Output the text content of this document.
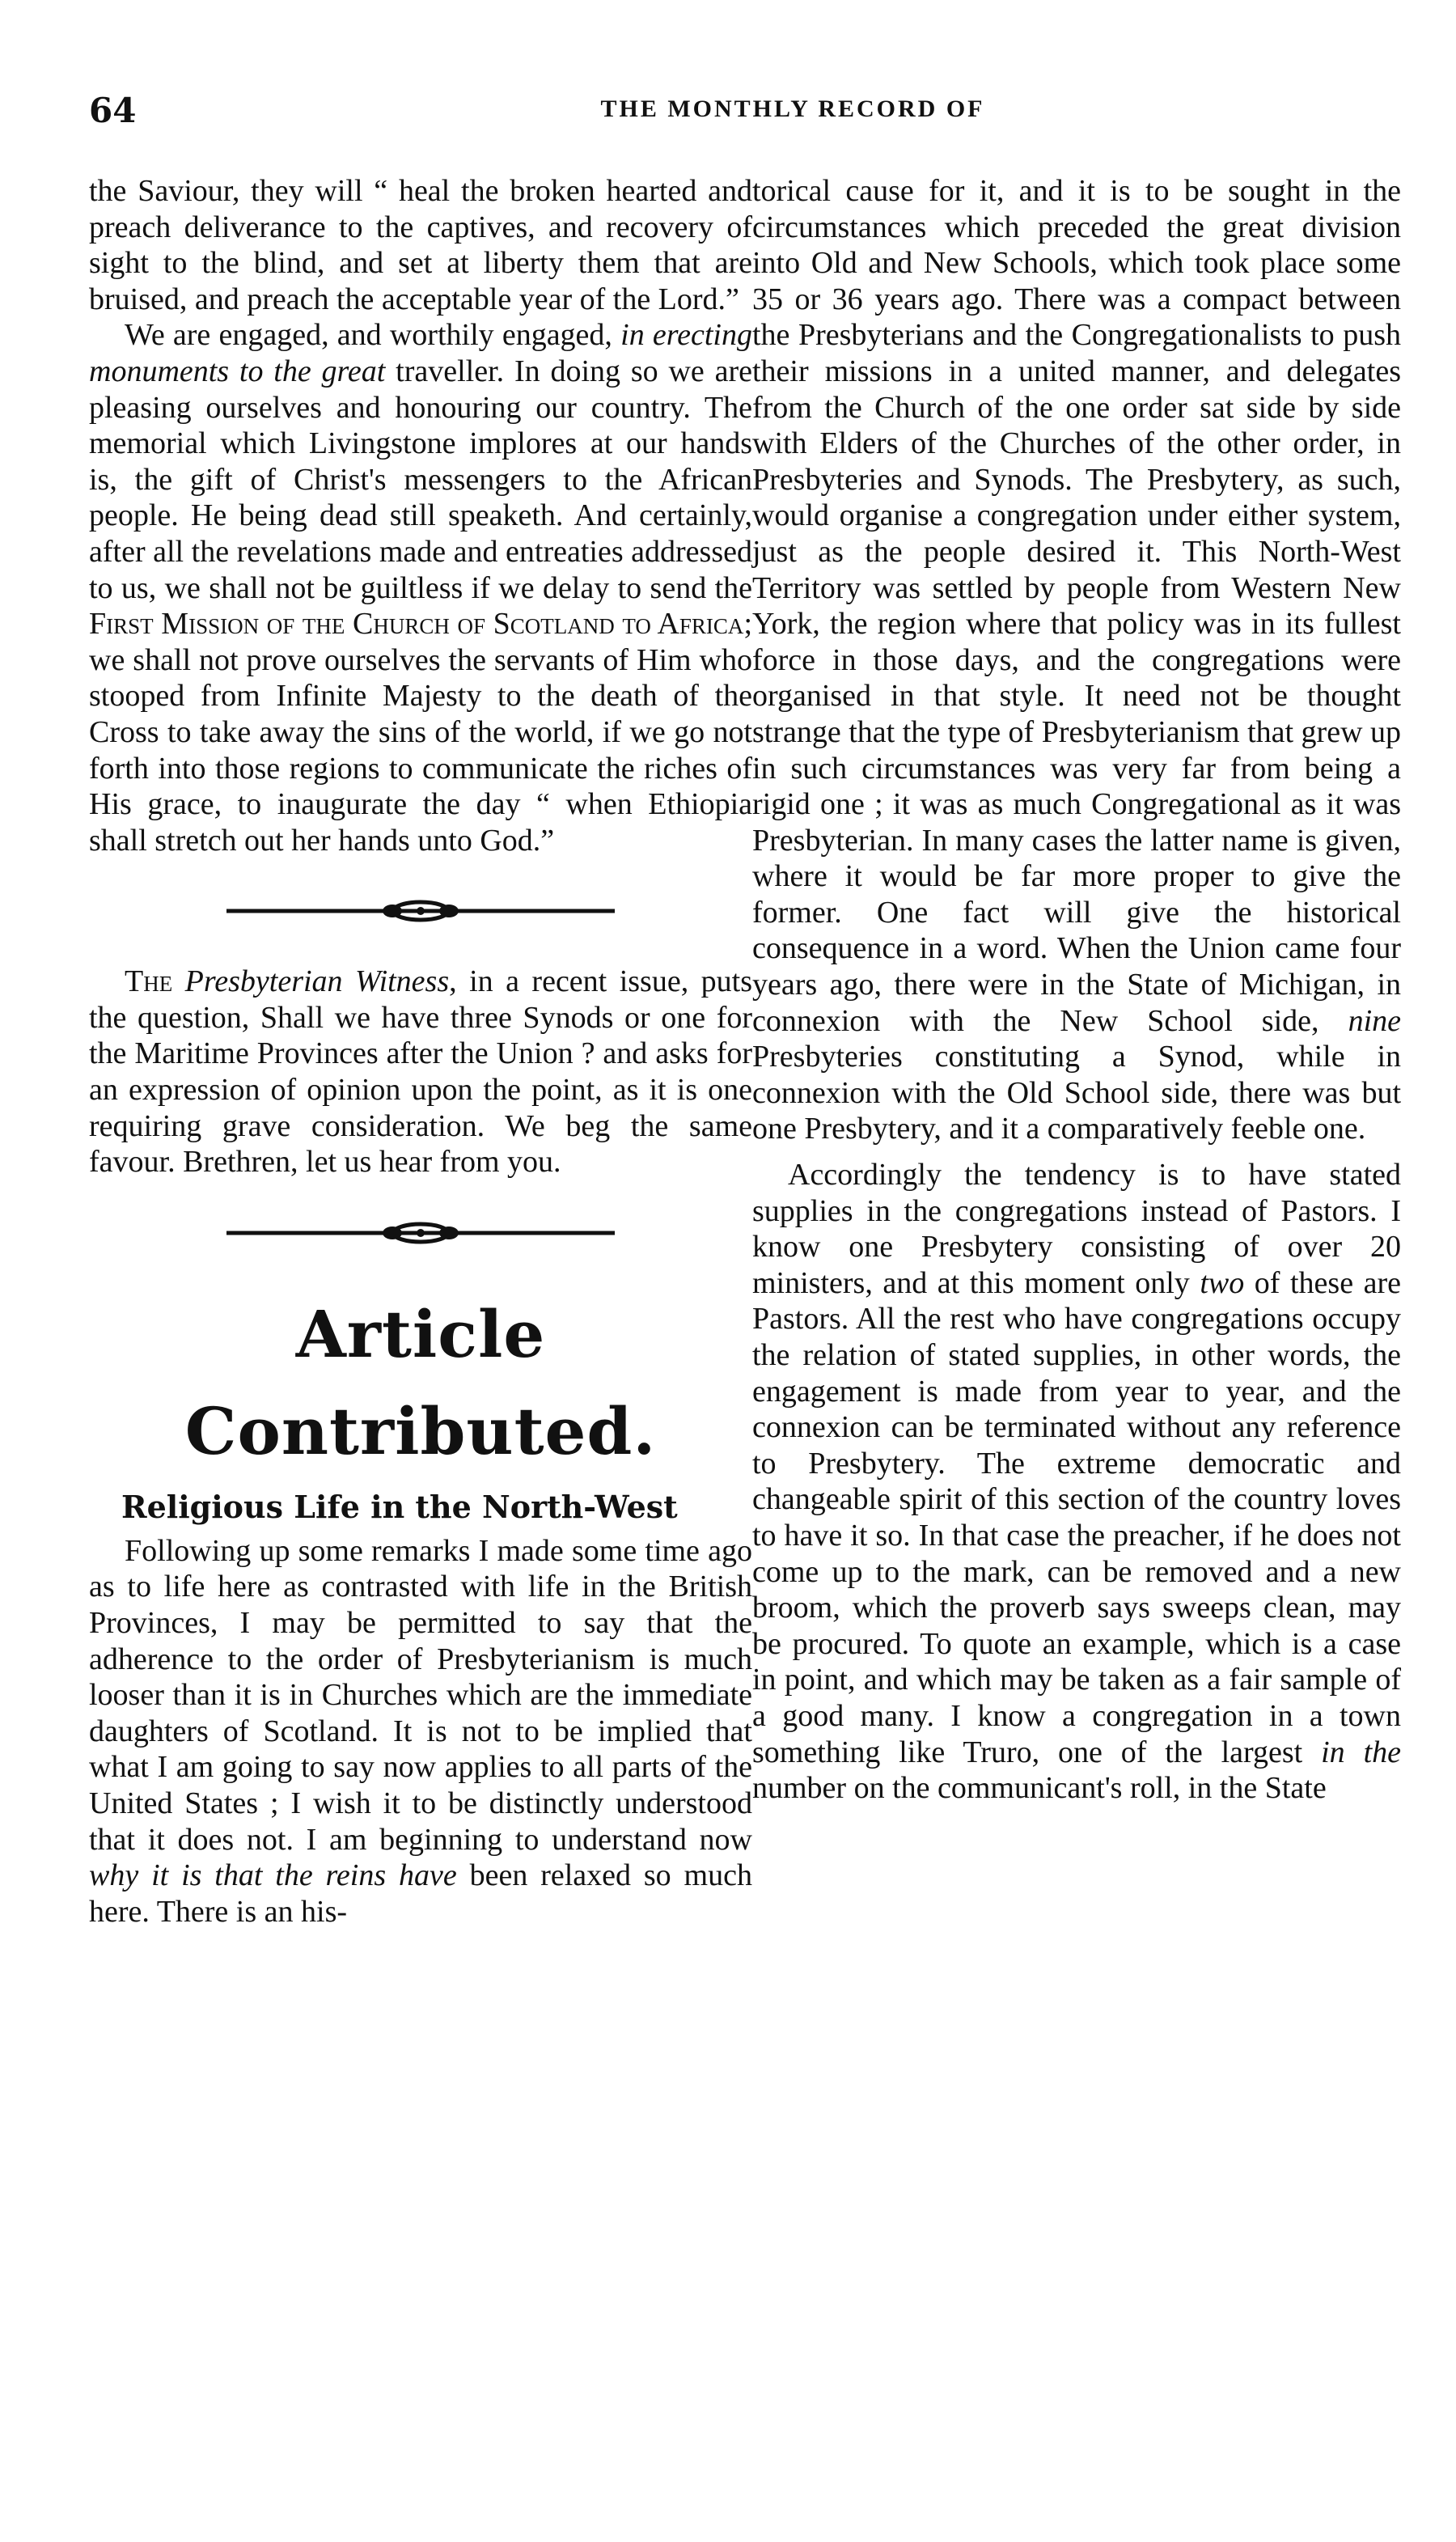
64	THE MONTHLY RECORD OF

the Saviour, they will “ heal the broken hearted and preach deliverance to the captives, and recovery of sight to the blind, and set at liberty them that are bruised, and preach the acceptable year of the Lord.”

We are engaged, and worthily engaged, in erecting monuments to the great traveller. In doing so we are pleasing ourselves and honouring our country. The memorial which Livingstone implores at our hands is, the gift of Christ's messengers to the African people. He being dead still speaketh. And certainly, after all the revelations made and entreaties addressed to us, we shall not be guiltless if we delay to send the First Mission of the Church of Scotland to Africa; we shall not prove ourselves the servants of Him who stooped from Infinite Majesty to the death of the Cross to take away the sins of the world, if we go not forth into those regions to communicate the riches of His grace, to inaugurate the day “ when Ethiopia shall stretch out her hands unto God.”

The Presbyterian Witness, in a recent issue, puts the question, Shall we have three Synods or one for the Maritime Provinces after the Union ? and asks for an expression of opinion upon the point, as it is one requiring grave consideration. We beg the same favour. Brethren, let us hear from you.

Article Contributed.
Religious Life in the North-West

Following up some remarks I made some time ago as to life here as contrasted with life in the British Provinces, I may be permitted to say that the adherence to the order of Presbyterianism is much looser than it is in Churches which are the immediate daughters of Scotland. It is not to be implied that what I am going to say now applies to all parts of the United States ; I wish it to be distinctly understood that it does not. I am beginning to understand now why it is that the reins have been relaxed so much here. There is an his-

torical cause for it, and it is to be sought in the circumstances which preceded the great division into Old and New Schools, which took place some 35 or 36 years ago. There was a compact between the Presbyterians and the Congregationalists to push their missions in a united manner, and delegates from the Church of the one order sat side by side with Elders of the Churches of the other order, in Presbyteries and Synods. The Presbytery, as such, would organise a congregation under either system, just as the people desired it. This North-West Territory was settled by people from Western New York, the region where that policy was in its fullest force in those days, and the congregations were organised in that style. It need not be thought strange that the type of Presbyterianism that grew up in such circumstances was very far from being a rigid one ; it was as much Congregational as it was Presbyterian. In many cases the latter name is given, where it would be far more proper to give the former. One fact will give the historical consequence in a word. When the Union came four years ago, there were in the State of Michigan, in connexion with the New School side, nine Presbyteries constituting a Synod, while in connexion with the Old School side, there was but one Presbytery, and it a comparatively feeble one.

Accordingly the tendency is to have stated supplies in the congregations instead of Pastors. I know one Presbytery consisting of over 20 ministers, and at this moment only two of these are Pastors. All the rest who have congregations occupy the relation of stated supplies, in other words, the engagement is made from year to year, and the connexion can be terminated without any reference to Presbytery. The extreme democratic and changeable spirit of this section of the country loves to have it so. In that case the preacher, if he does not come up to the mark, can be removed and a new broom, which the proverb says sweeps clean, may be procured. To quote an example, which is a case in point, and which may be taken as a fair sample of a good many. I know a congregation in a town something like Truro, one of the largest in the number on the communicant's roll, in the State
